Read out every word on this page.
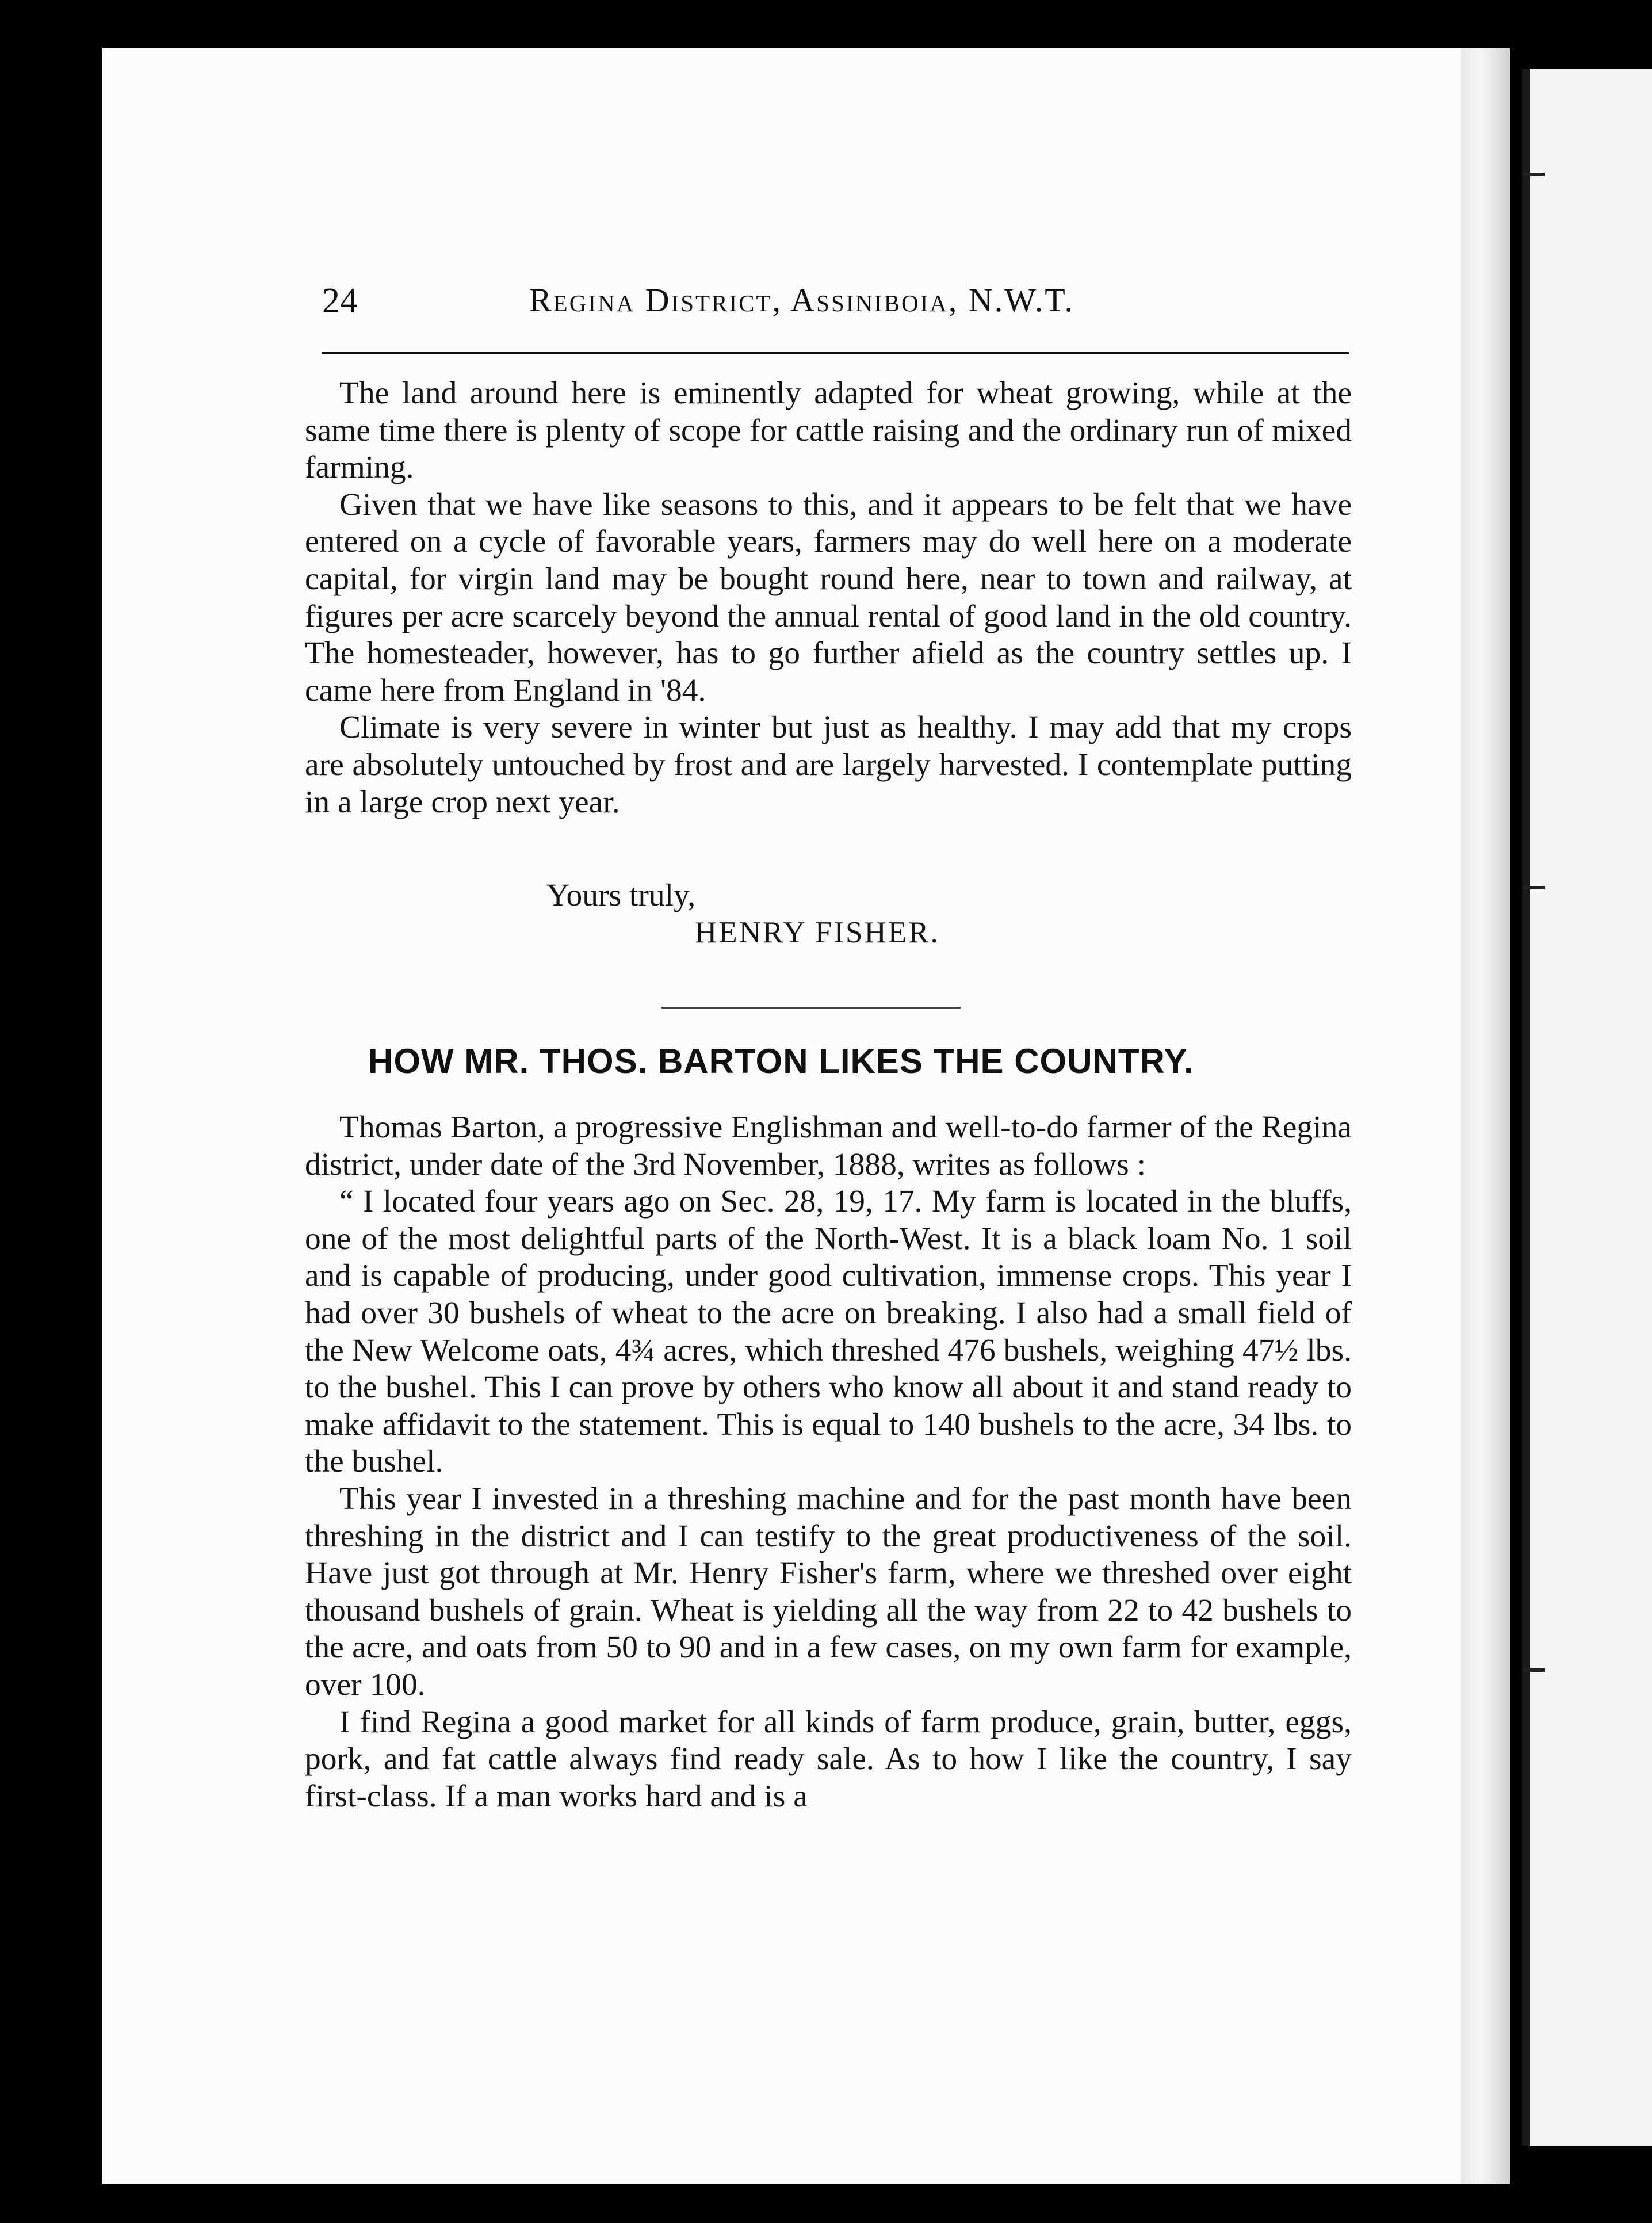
24	Regina District, Assiniboia, N.W.T.

The land around here is eminently adapted for wheat growing, while at the same time there is plenty of scope for cattle raising and the ordinary run of mixed farming.

Given that we have like seasons to this, and it appears to be felt that we have entered on a cycle of favorable years, farmers may do well here on a moderate capital, for virgin land may be bought round here, near to town and railway, at figures per acre scarcely beyond the annual rental of good land in the old country. The homesteader, however, has to go further afield as the country settles up. I came here from England in '84.

Climate is very severe in winter but just as healthy. I may add that my crops are absolutely untouched by frost and are largely harvested. I contemplate putting in a large crop next year.

Yours truly,
HENRY FISHER.
HOW MR. THOS. BARTON LIKES THE COUNTRY.

Thomas Barton, a progressive Englishman and well-to-do farmer of the Regina district, under date of the 3rd November, 1888, writes as follows :

“ I located four years ago on Sec. 28, 19, 17. My farm is located in the bluffs, one of the most delightful parts of the North-West. It is a black loam No. 1 soil and is capable of producing, under good cultivation, immense crops. This year I had over 30 bushels of wheat to the acre on breaking. I also had a small field of the New Welcome oats, 4¾ acres, which threshed 476 bushels, weighing 47½ lbs. to the bushel. This I can prove by others who know all about it and stand ready to make affidavit to the statement. This is equal to 140 bushels to the acre, 34 lbs. to the bushel.

This year I invested in a threshing machine and for the past month have been threshing in the district and I can testify to the great productiveness of the soil. Have just got through at Mr. Henry Fisher's farm, where we threshed over eight thousand bushels of grain. Wheat is yielding all the way from 22 to 42 bushels to the acre, and oats from 50 to 90 and in a few cases, on my own farm for example, over 100.

I find Regina a good market for all kinds of farm produce, grain, butter, eggs, pork, and fat cattle always find ready sale. As to how I like the country, I say first-class. If a man works hard and is a
